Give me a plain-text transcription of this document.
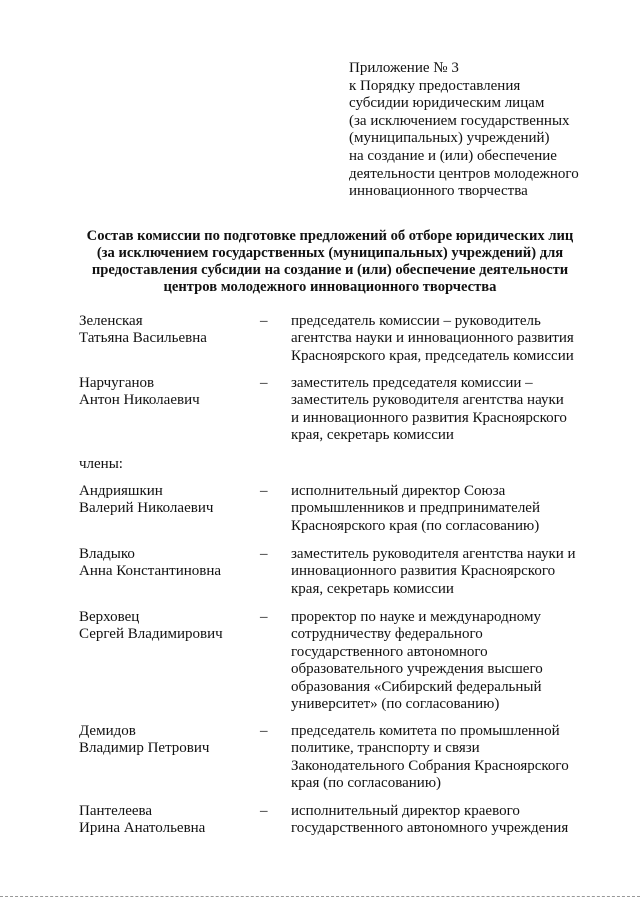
Приложение № 3
к Порядку предоставления
субсидии юридическим лицам
(за исключением государственных
(муниципальных) учреждений)
на создание и (или) обеспечение
деятельности центров молодежного
инновационного творчества
Состав комиссии по подготовке предложений об отборе юридических лиц
(за исключением государственных (муниципальных) учреждений) для
предоставления субсидии на создание и (или) обеспечение деятельности
центров молодежного инновационного творчества
Зеленская
Татьяна Васильевна
– председатель комиссии – руководитель
агентства науки и инновационного развития
Красноярского края, председатель комиссии
Нарчуганов
Антон Николаевич
– заместитель председателя комиссии –
заместитель руководителя агентства науки
и инновационного развития Красноярского
края, секретарь комиссии
члены:
Андрияшкин
Валерий Николаевич
– исполнительный директор Союза
промышленников и предпринимателей
Красноярского края (по согласованию)
Владыко
Анна Константиновна
– заместитель руководителя агентства науки и
инновационного развития Красноярского
края, секретарь комиссии
Верховец
Сергей Владимирович
– проректор по науке и международному
сотрудничеству федерального
государственного автономного
образовательного учреждения высшего
образования «Сибирский федеральный
университет» (по согласованию)
Демидов
Владимир Петрович
– председатель комитета по промышленной
политике, транспорту и связи
Законодательного Собрания Красноярского
края (по согласованию)
Пантелеева
Ирина Анатольевна
– исполнительный директор краевого
государственного автономного учреждения
